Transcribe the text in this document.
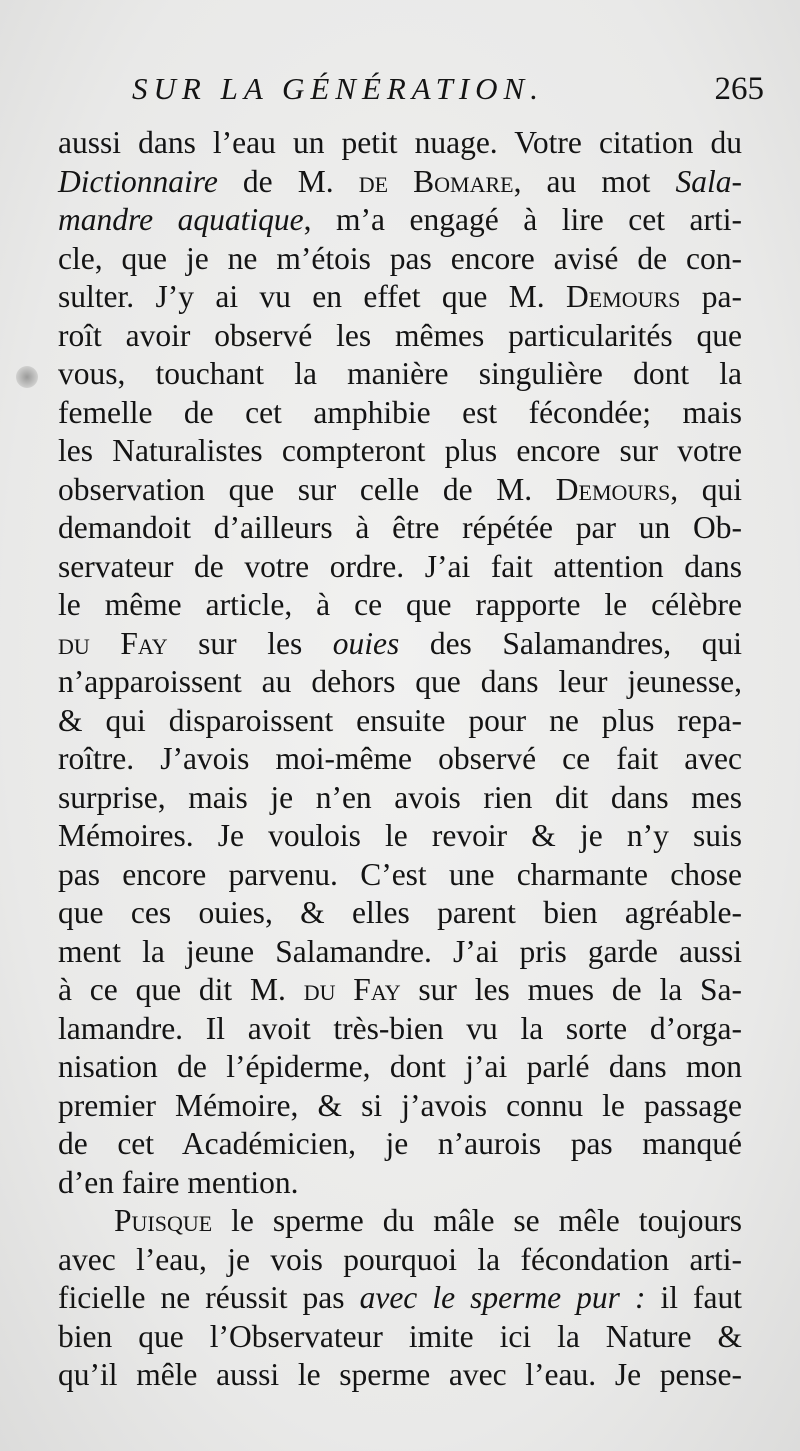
SUR LA GÉNÉRATION.	265
aussi dans l’eau un petit nuage. Votre citation du
Dictionnaire de M. de Bomare, au mot Sala-
mandre aquatique, m’a engagé à lire cet arti-
cle, que je ne m’étois pas encore avisé de con-
sulter. J’y ai vu en effet que M. Demours pa-
roît avoir observé les mêmes particularités que
vous, touchant la manière singulière dont la
femelle de cet amphibie est fécondée; mais
les Naturalistes compteront plus encore sur votre
observation que sur celle de M. Demours, qui
demandoit d’ailleurs à être répétée par un Ob-
servateur de votre ordre. J’ai fait attention dans
le même article, à ce que rapporte le célèbre
du Fay sur les ouies des Salamandres, qui
n’apparoissent au dehors que dans leur jeunesse,
& qui disparoissent ensuite pour ne plus repa-
roître. J’avois moi-même observé ce fait avec
surprise, mais je n’en avois rien dit dans mes
Mémoires. Je voulois le revoir & je n’y suis
pas encore parvenu. C’est une charmante chose
que ces ouies, & elles parent bien agréable-
ment la jeune Salamandre. J’ai pris garde aussi
à ce que dit M. du Fay sur les mues de la Sa-
lamandre. Il avoit très-bien vu la sorte d’orga-
nisation de l’épiderme, dont j’ai parlé dans mon
premier Mémoire, & si j’avois connu le passage
de cet Académicien, je n’aurois pas manqué
d’en faire mention.
Puisque le sperme du mâle se mêle toujours
avec l’eau, je vois pourquoi la fécondation arti-
ficielle ne réussit pas avec le sperme pur : il faut
bien que l’Observateur imite ici la Nature &
qu’il mêle aussi le sperme avec l’eau. Je pense-
